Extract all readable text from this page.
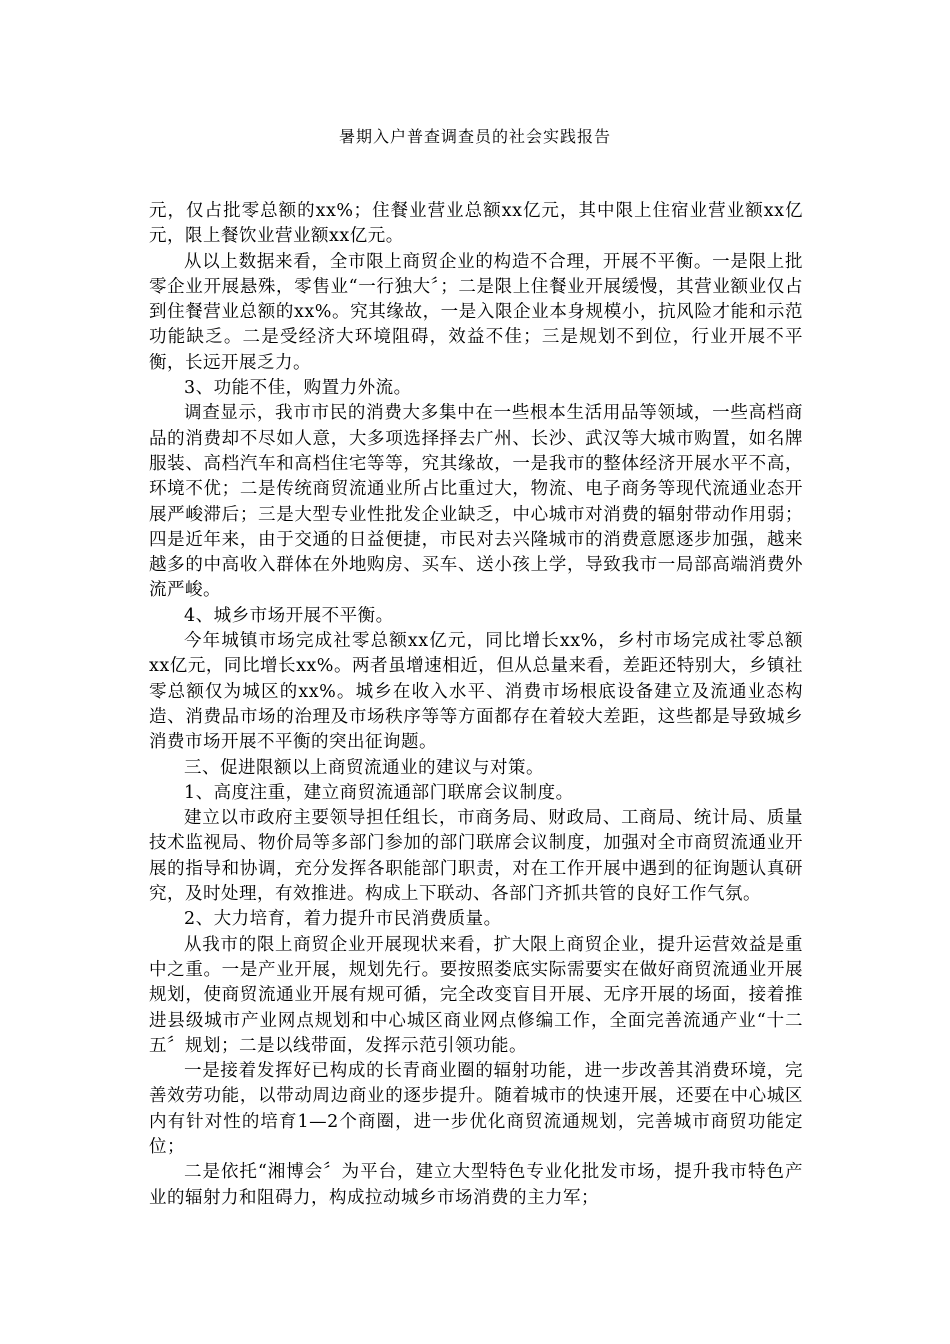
暑期入户普查调查员的社会实践报告

元，仅占批零总额的xx%；住餐业营业总额xx亿元，其中限上住宿业营业额xx亿元，限上餐饮业营业额xx亿元。

从以上数据来看，全市限上商贸企业的构造不合理，开展不平衡。一是限上批零企业开展悬殊，零售业“一行独大〞；二是限上住餐业开展缓慢，其营业额业仅占到住餐营业总额的xx%。究其缘故，一是入限企业本身规模小，抗风险才能和示范功能缺乏。二是受经济大环境阻碍，效益不佳；三是规划不到位，行业开展不平衡，长远开展乏力。

3、功能不佳，购置力外流。

调查显示，我市市民的消费大多集中在一些根本生活用品等领域，一些高档商品的消费却不尽如人意，大多项选择择去广州、长沙、武汉等大城市购置，如名牌服装、高档汽车和高档住宅等等，究其缘故，一是我市的整体经济开展水平不高，环境不优；二是传统商贸流通业所占比重过大，物流、电子商务等现代流通业态开展严峻滞后；三是大型专业性批发企业缺乏，中心城市对消费的辐射带动作用弱；四是近年来，由于交通的日益便捷，市民对去兴隆城市的消费意愿逐步加强，越来越多的中高收入群体在外地购房、买车、送小孩上学，导致我市一局部高端消费外流严峻。

4、城乡市场开展不平衡。

今年城镇市场完成社零总额xx亿元，同比增长xx%，乡村市场完成社零总额xx亿元，同比增长xx%。两者虽增速相近，但从总量来看，差距还特别大，乡镇社零总额仅为城区的xx%。城乡在收入水平、消费市场根底设备建立及流通业态构造、消费品市场的治理及市场秩序等等方面都存在着较大差距，这些都是导致城乡消费市场开展不平衡的突出征询题。

三、促进限额以上商贸流通业的建议与对策。

1、高度注重，建立商贸流通部门联席会议制度。

建立以市政府主要领导担任组长，市商务局、财政局、工商局、统计局、质量技术监视局、物价局等多部门参加的部门联席会议制度，加强对全市商贸流通业开展的指导和协调，充分发挥各职能部门职责，对在工作开展中遇到的征询题认真研究，及时处理，有效推进。构成上下联动、各部门齐抓共管的良好工作气氛。

2、大力培育，着力提升市民消费质量。

从我市的限上商贸企业开展现状来看，扩大限上商贸企业，提升运营效益是重中之重。一是产业开展，规划先行。要按照娄底实际需要实在做好商贸流通业开展规划，使商贸流通业开展有规可循，完全改变盲目开展、无序开展的场面，接着推进县级城市产业网点规划和中心城区商业网点修编工作，全面完善流通产业“十二五〞规划；二是以线带面，发挥示范引领功能。

一是接着发挥好已构成的长青商业圈的辐射功能，进一步改善其消费环境，完善效劳功能，以带动周边商业的逐步提升。随着城市的快速开展，还要在中心城区内有针对性的培育1—2个商圈，进一步优化商贸流通规划，完善城市商贸功能定位；

二是依托“湘博会〞为平台，建立大型特色专业化批发市场，提升我市特色产业的辐射力和阻碍力，构成拉动城乡市场消费的主力军；
